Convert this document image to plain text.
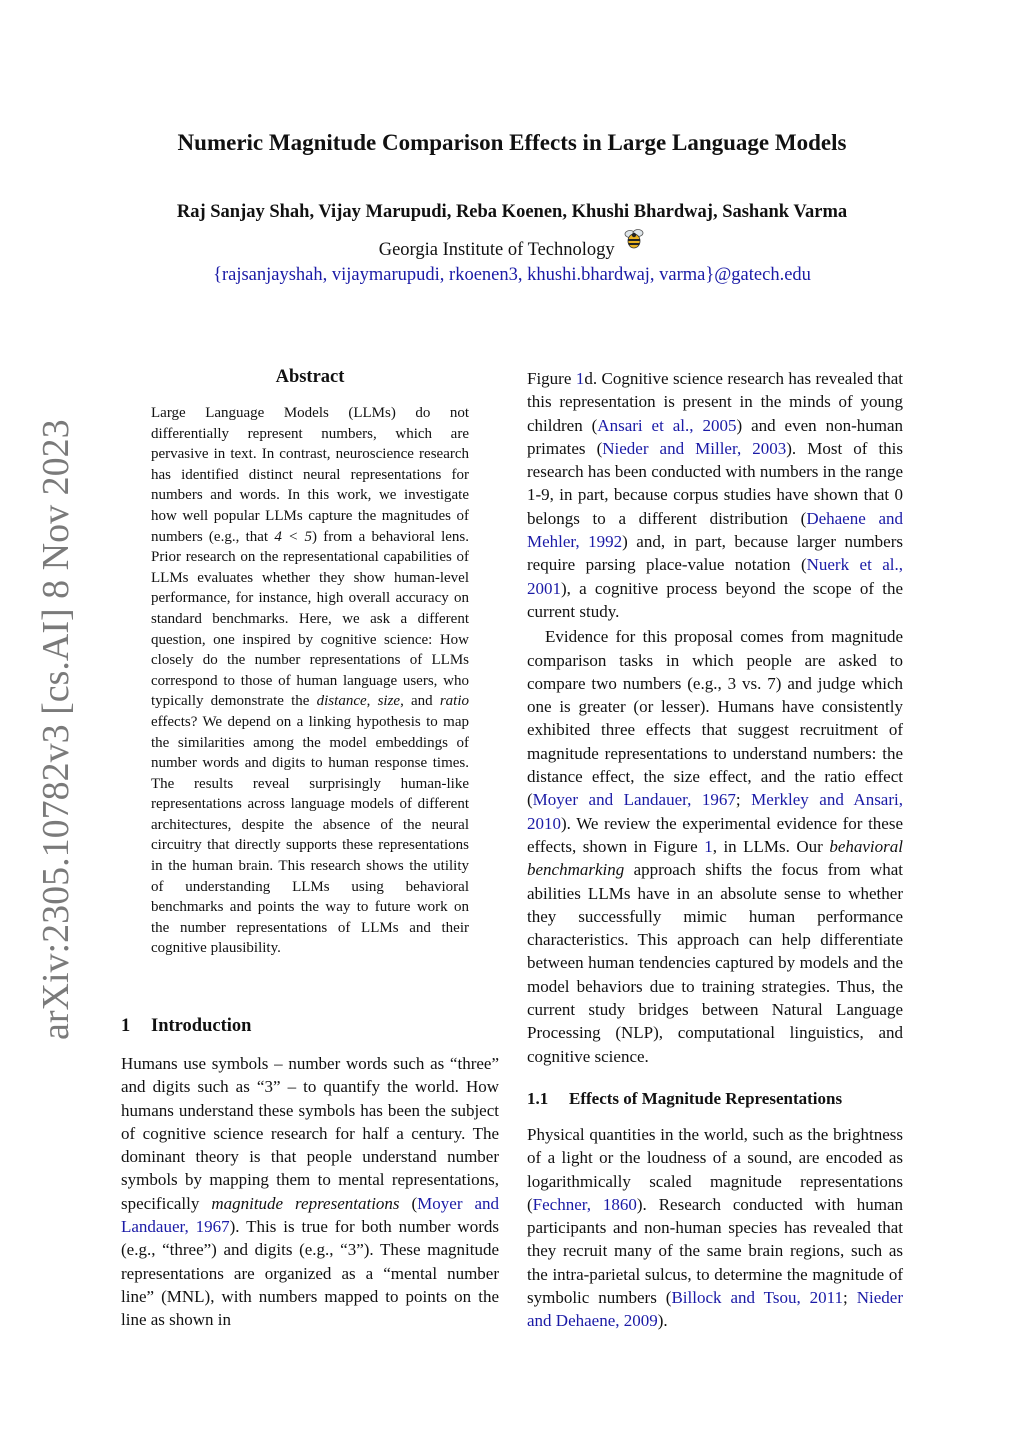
arXiv:2305.10782v3 [cs.AI] 8 Nov 2023
Numeric Magnitude Comparison Effects in Large Language Models
Raj Sanjay Shah, Vijay Marupudi, Reba Koenen, Khushi Bhardwaj, Sashank Varma
Georgia Institute of Technology
{rajsanjayshah, vijaymarupudi, rkoenen3, khushi.bhardwaj, varma}@gatech.edu
Abstract
Large Language Models (LLMs) do not differentially represent numbers, which are pervasive in text. In contrast, neuroscience research has identified distinct neural representations for numbers and words. In this work, we investigate how well popular LLMs capture the magnitudes of numbers (e.g., that 4 < 5) from a behavioral lens. Prior research on the representational capabilities of LLMs evaluates whether they show human-level performance, for instance, high overall accuracy on standard benchmarks. Here, we ask a different question, one inspired by cognitive science: How closely do the number representations of LLMs correspond to those of human language users, who typically demonstrate the distance, size, and ratio effects? We depend on a linking hypothesis to map the similarities among the model embeddings of number words and digits to human response times. The results reveal surprisingly human-like representations across language models of different architectures, despite the absence of the neural circuitry that directly supports these representations in the human brain. This research shows the utility of understanding LLMs using behavioral benchmarks and points the way to future work on the number representations of LLMs and their cognitive plausibility.
1 Introduction
Humans use symbols – number words such as “three” and digits such as “3” – to quantify the world. How humans understand these symbols has been the subject of cognitive science research for half a century. The dominant theory is that people understand number symbols by mapping them to mental representations, specifically magnitude representations (Moyer and Landauer, 1967). This is true for both number words (e.g., “three”) and digits (e.g., “3”). These magnitude representations are organized as a “mental number line” (MNL), with numbers mapped to points on the line as shown in

Figure 1d. Cognitive science research has revealed that this representation is present in the minds of young children (Ansari et al., 2005) and even non-human primates (Nieder and Miller, 2003). Most of this research has been conducted with numbers in the range 1-9, in part, because corpus studies have shown that 0 belongs to a different distribution (Dehaene and Mehler, 1992) and, in part, because larger numbers require parsing place-value notation (Nuerk et al., 2001), a cognitive process beyond the scope of the current study.

Evidence for this proposal comes from magnitude comparison tasks in which people are asked to compare two numbers (e.g., 3 vs. 7) and judge which one is greater (or lesser). Humans have consistently exhibited three effects that suggest recruitment of magnitude representations to understand numbers: the distance effect, the size effect, and the ratio effect (Moyer and Landauer, 1967; Merkley and Ansari, 2010). We review the experimental evidence for these effects, shown in Figure 1, in LLMs. Our behavioral benchmarking approach shifts the focus from what abilities LLMs have in an absolute sense to whether they successfully mimic human performance characteristics. This approach can help differentiate between human tendencies captured by models and the model behaviors due to training strategies. Thus, the current study bridges between Natural Language Processing (NLP), computational linguistics, and cognitive science.

1.1 Effects of Magnitude Representations
Physical quantities in the world, such as the brightness of a light or the loudness of a sound, are encoded as logarithmically scaled magnitude representations (Fechner, 1860). Research conducted with human participants and non-human species has revealed that they recruit many of the same brain regions, such as the intra-parietal sulcus, to determine the magnitude of symbolic numbers (Billock and Tsou, 2011; Nieder and Dehaene, 2009).
